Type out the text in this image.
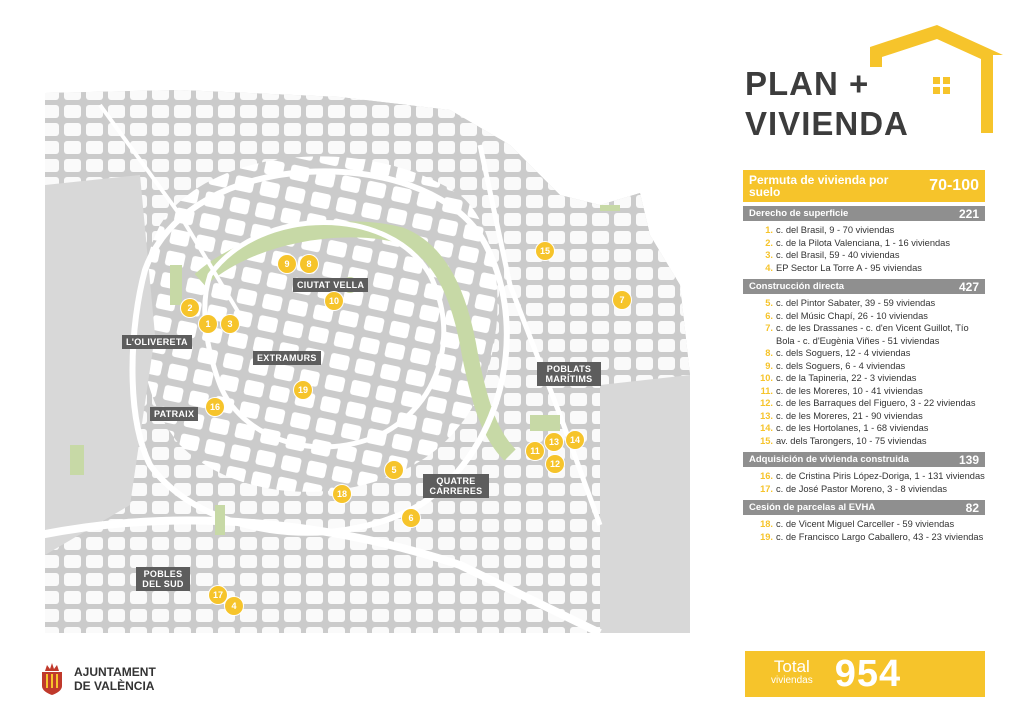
CIUTAT VELLA
L'OLIVERETA
EXTRAMURS
PATRAIX
POBLATS MARÍTIMS
QUATRE CARRERES
POBLES DEL SUD
1
2
3
4
5
6
7
8
9
10
11
12
13	14
15
16
17
18
19
PLAN +
VIVIENDA
Permuta de vivienda por suelo	70-100
Derecho de superficie	221
1. c. del Brasil, 9 - 70 viviendas
2. c. de la Pilota Valenciana, 1 - 16 viviendas
3. c. del Brasil, 59 - 40 viviendas
4. EP Sector La Torre A - 95 viviendas
Construcción directa	427
5. c. del Pintor Sabater, 39 - 59 viviendas
6. c. del Músic Chapí, 26 - 10 viviendas
7. c. de les Drassanes - c. d'en Vicent Guillot, Tío Bola - c. d'Eugènia Viñes - 51 viviendas
8. c. dels Soguers, 12 - 4 viviendas
9. c. dels Soguers, 6 - 4 viviendas
10. c. de la Tapineria, 22 - 3 viviendas
11. c. de les Moreres, 10 - 41 viviendas
12. c. de les Barraques del Figuero, 3 - 22 viviendas
13. c. de les Moreres, 21 - 90 viviendas
14. c. de les Hortolanes, 1 - 68 viviendas
15. av. dels Tarongers, 10 - 75 viviendas
Adquisición de vivienda construida	139
16. c. de Cristina Piris López-Doriga, 1 - 131 viviendas
17. c. de José Pastor Moreno, 3 - 8 viviendas
Cesión de parcelas al EVHA	82
18. c. de Vicent Miguel Carceller - 59 viviendas
19. c. de Francisco Largo Caballero, 43 - 23 viviendas
Total
viviendas 954
AJUNTAMENT
DE VALÈNCIA
